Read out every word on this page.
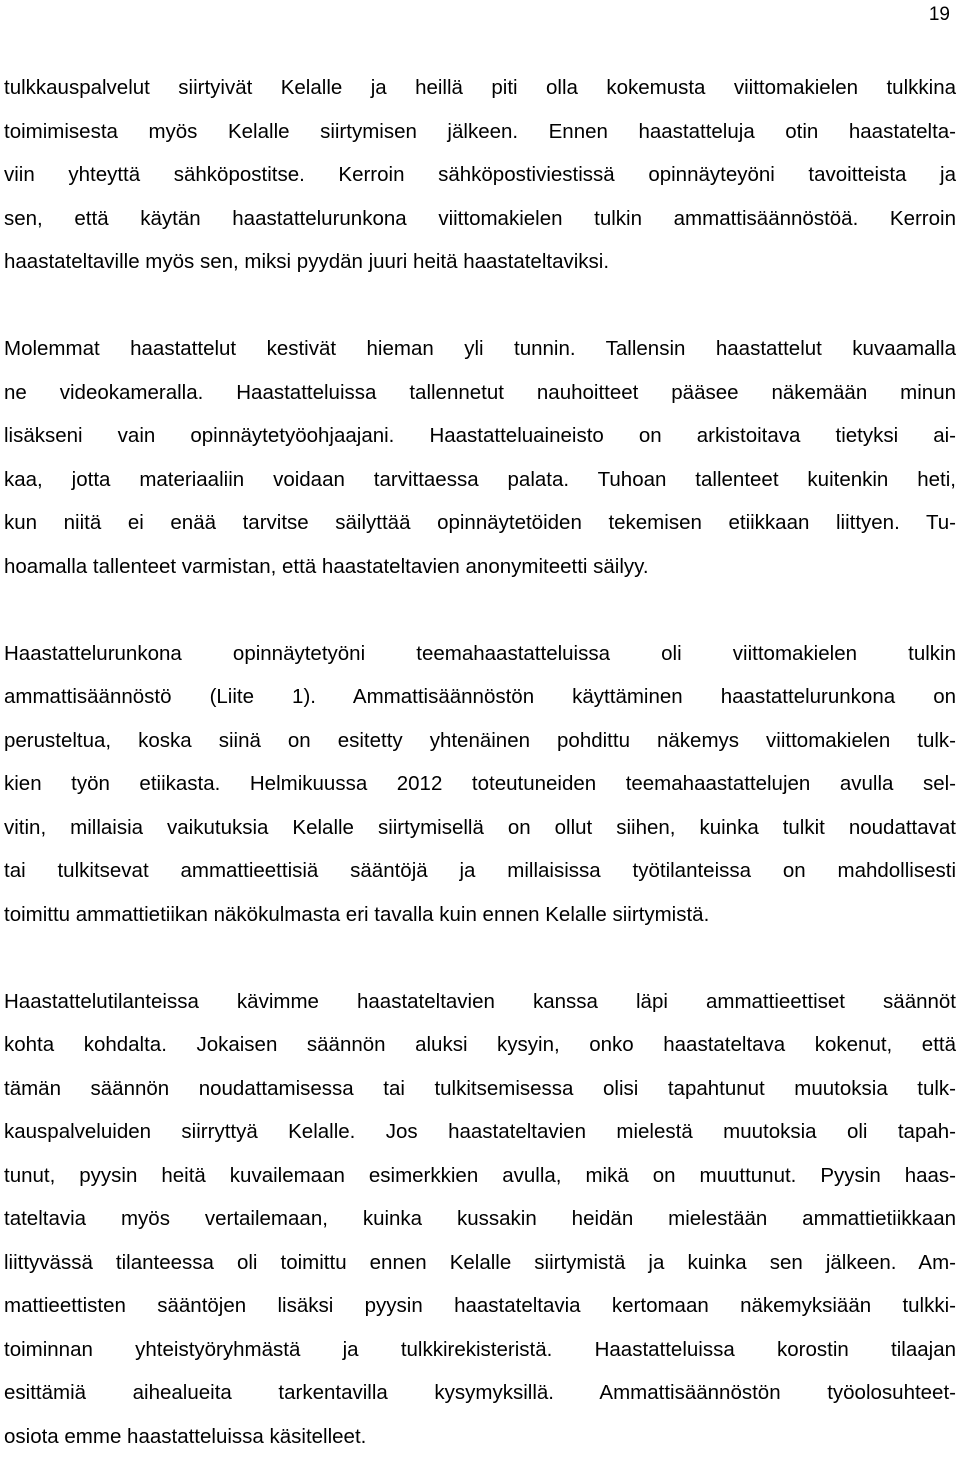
19
tulkkauspalvelut siirtyivät Kelalle ja heillä piti olla kokemusta viittomakielen tulkkina
toimimisesta myös Kelalle siirtymisen jälkeen. Ennen haastatteluja otin haastatelta-
viin yhteyttä sähköpostitse. Kerroin sähköpostiviestissä opinnäyteyöni tavoitteista ja
sen, että käytän haastattelurunkona viittomakielen tulkin ammattisäännöstöä. Kerroin
haastateltaville myös sen, miksi pyydän juuri heitä haastateltaviksi.
Molemmat haastattelut kestivät hieman yli tunnin. Tallensin haastattelut kuvaamalla
ne videokameralla. Haastatteluissa tallennetut nauhoitteet pääsee näkemään minun
lisäkseni vain opinnäytetyöohjaajani. Haastatteluaineisto on arkistoitava tietyksi ai-
kaa, jotta materiaaliin voidaan tarvittaessa palata. Tuhoan tallenteet kuitenkin heti,
kun niitä ei enää tarvitse säilyttää opinnäytetöiden tekemisen etiikkaan liittyen. Tu-
hoamalla tallenteet varmistan, että haastateltavien anonymiteetti säilyy.
Haastattelurunkona opinnäytetyöni teemahaastatteluissa oli viittomakielen tulkin
ammattisäännöstö (Liite 1). Ammattisäännöstön käyttäminen haastattelurunkona on
perusteltua, koska siinä on esitetty yhtenäinen pohdittu näkemys viittomakielen tulk-
kien työn etiikasta. Helmikuussa 2012 toteutuneiden teemahaastattelujen avulla sel-
vitin, millaisia vaikutuksia Kelalle siirtymisellä on ollut siihen, kuinka tulkit noudattavat
tai tulkitsevat ammattieettisiä sääntöjä ja millaisissa työtilanteissa on mahdollisesti
toimittu ammattietiikan näkökulmasta eri tavalla kuin ennen Kelalle siirtymistä.
Haastattelutilanteissa kävimme haastateltavien kanssa läpi ammattieettiset säännöt
kohta kohdalta. Jokaisen säännön aluksi kysyin, onko haastateltava kokenut, että
tämän säännön noudattamisessa tai tulkitsemisessa olisi tapahtunut muutoksia tulk-
kauspalveluiden siirryttyä Kelalle. Jos haastateltavien mielestä muutoksia oli tapah-
tunut, pyysin heitä kuvailemaan esimerkkien avulla, mikä on muuttunut. Pyysin haas-
tateltavia myös vertailemaan, kuinka kussakin heidän mielestään ammattietiikkaan
liittyvässä tilanteessa oli toimittu ennen Kelalle siirtymistä ja kuinka sen jälkeen. Am-
mattieettisten sääntöjen lisäksi pyysin haastateltavia kertomaan näkemyksiään tulkki-
toiminnan yhteistyöryhmästä ja tulkkirekisteristä. Haastatteluissa korostin tilaajan
esittämiä aihealueita tarkentavilla kysymyksillä. Ammattisäännöstön työolosuhteet-
osiota emme haastatteluissa käsitelleet.
